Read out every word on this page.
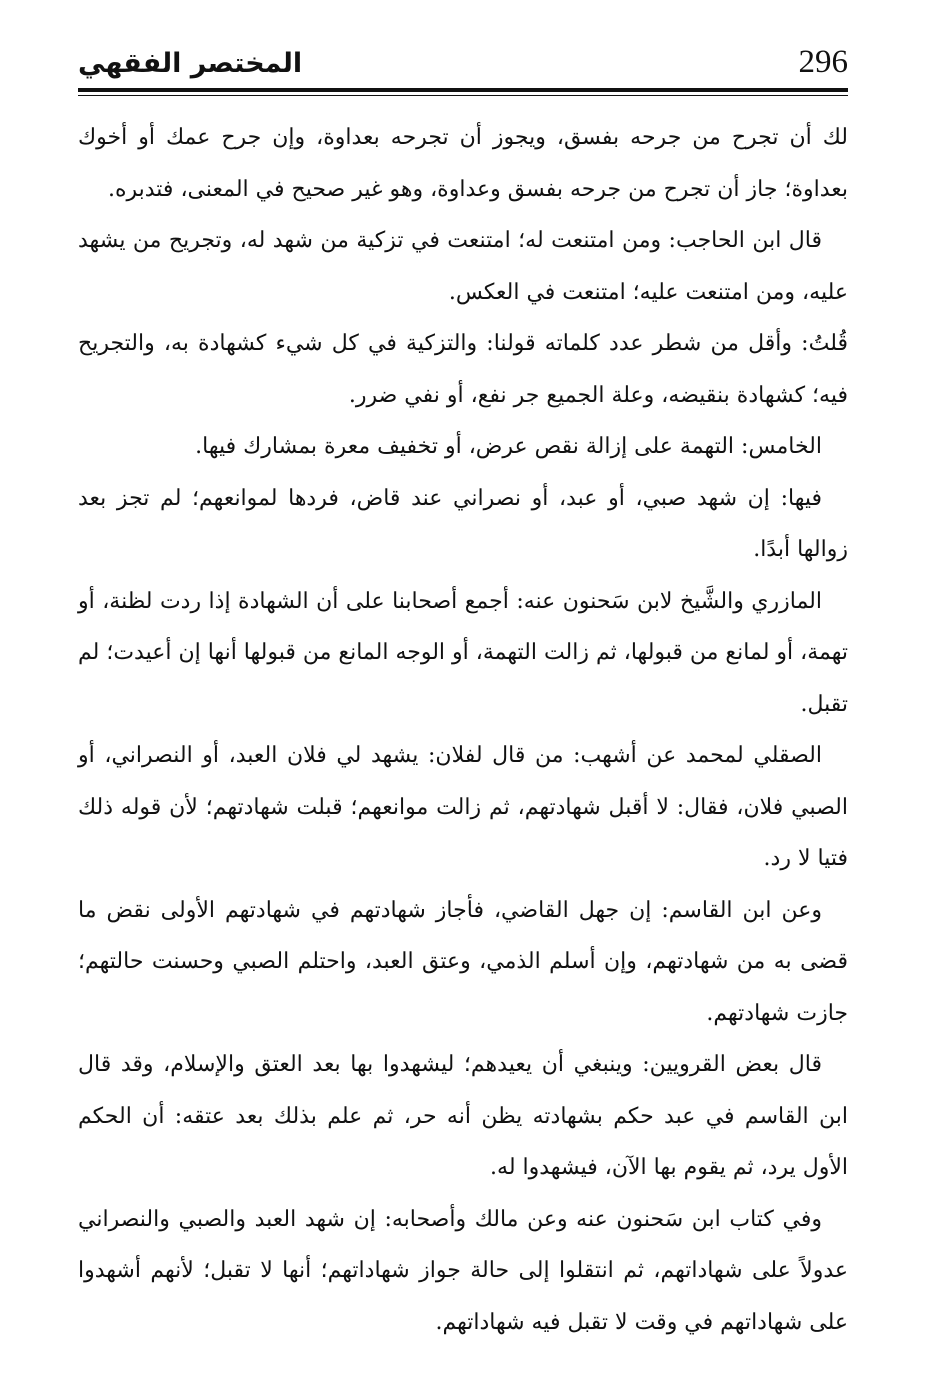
296
المختصر الفقهي

لك أن تجرح من جرحه بفسق، ويجوز أن تجرحه بعداوة، وإن جرح عمك أو أخوك بعداوة؛ جاز أن تجرح من جرحه بفسق وعداوة، وهو غير صحيح في المعنى، فتدبره.

قال ابن الحاجب: ومن امتنعت له؛ امتنعت في تزكية من شهد له، وتجريح من يشهد عليه، ومن امتنعت عليه؛ امتنعت في العكس.

قُلتُ: وأقل من شطر عدد كلماته قولنا: والتزكية في كل شيء كشهادة به، والتجريح فيه؛ كشهادة بنقيضه، وعلة الجميع جر نفع، أو نفي ضرر.

الخامس: التهمة على إزالة نقص عرض، أو تخفيف معرة بمشارك فيها.

فيها: إن شهد صبي، أو عبد، أو نصراني عند قاض، فردها لموانعهم؛ لم تجز بعد زوالها أبدًا.

المازري والشَّيخ لابن سَحنون عنه: أجمع أصحابنا على أن الشهادة إذا ردت لظنة، أو تهمة، أو لمانع من قبولها، ثم زالت التهمة، أو الوجه المانع من قبولها أنها إن أعيدت؛ لم تقبل.

الصقلي لمحمد عن أشهب: من قال لفلان: يشهد لي فلان العبد، أو النصراني، أو الصبي فلان، فقال: لا أقبل شهادتهم، ثم زالت موانعهم؛ قبلت شهادتهم؛ لأن قوله ذلك فتيا لا رد.

وعن ابن القاسم: إن جهل القاضي، فأجاز شهادتهم في شهادتهم الأولى نقض ما قضى به من شهادتهم، وإن أسلم الذمي، وعتق العبد، واحتلم الصبي وحسنت حالتهم؛ جازت شهادتهم.

قال بعض القرويين: وينبغي أن يعيدهم؛ ليشهدوا بها بعد العتق والإسلام، وقد قال ابن القاسم في عبد حكم بشهادته يظن أنه حر، ثم علم بذلك بعد عتقه: أن الحكم الأول يرد، ثم يقوم بها الآن، فيشهدوا له.

وفي كتاب ابن سَحنون عنه وعن مالك وأصحابه: إن شهد العبد والصبي والنصراني عدولاً على شهاداتهم، ثم انتقلوا إلى حالة جواز شهاداتهم؛ أنها لا تقبل؛ لأنهم أشهدوا على شهاداتهم في وقت لا تقبل فيه شهاداتهم.
